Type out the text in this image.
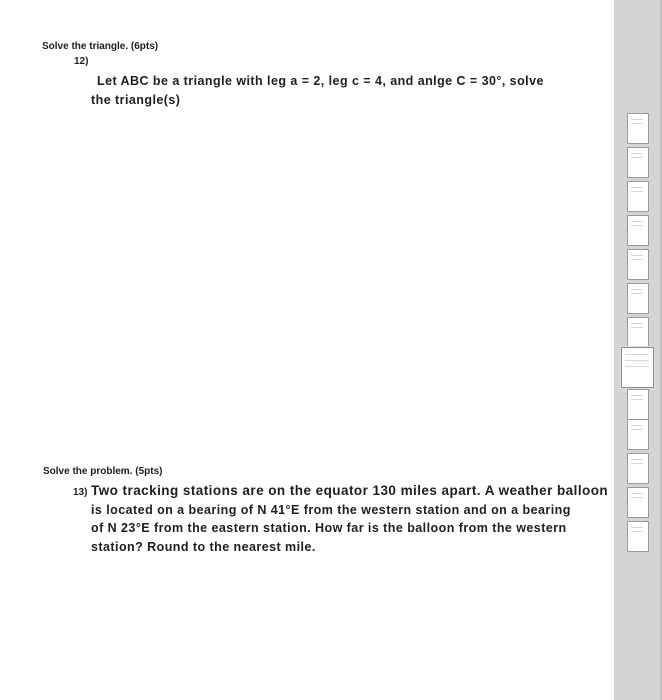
Solve the triangle. (6pts)
12)
Let ABC be a triangle with leg a = 2, leg c = 4, and anlge C = 30°, solve
the triangle(s)
Solve the problem. (5pts)
13) Two tracking stations are on the equator 130 miles apart. A weather balloon
is located on a bearing of N 41°E from the western station and on a bearing
of N 23°E from the eastern station. How far is the balloon from the western
station? Round to the nearest mile.
